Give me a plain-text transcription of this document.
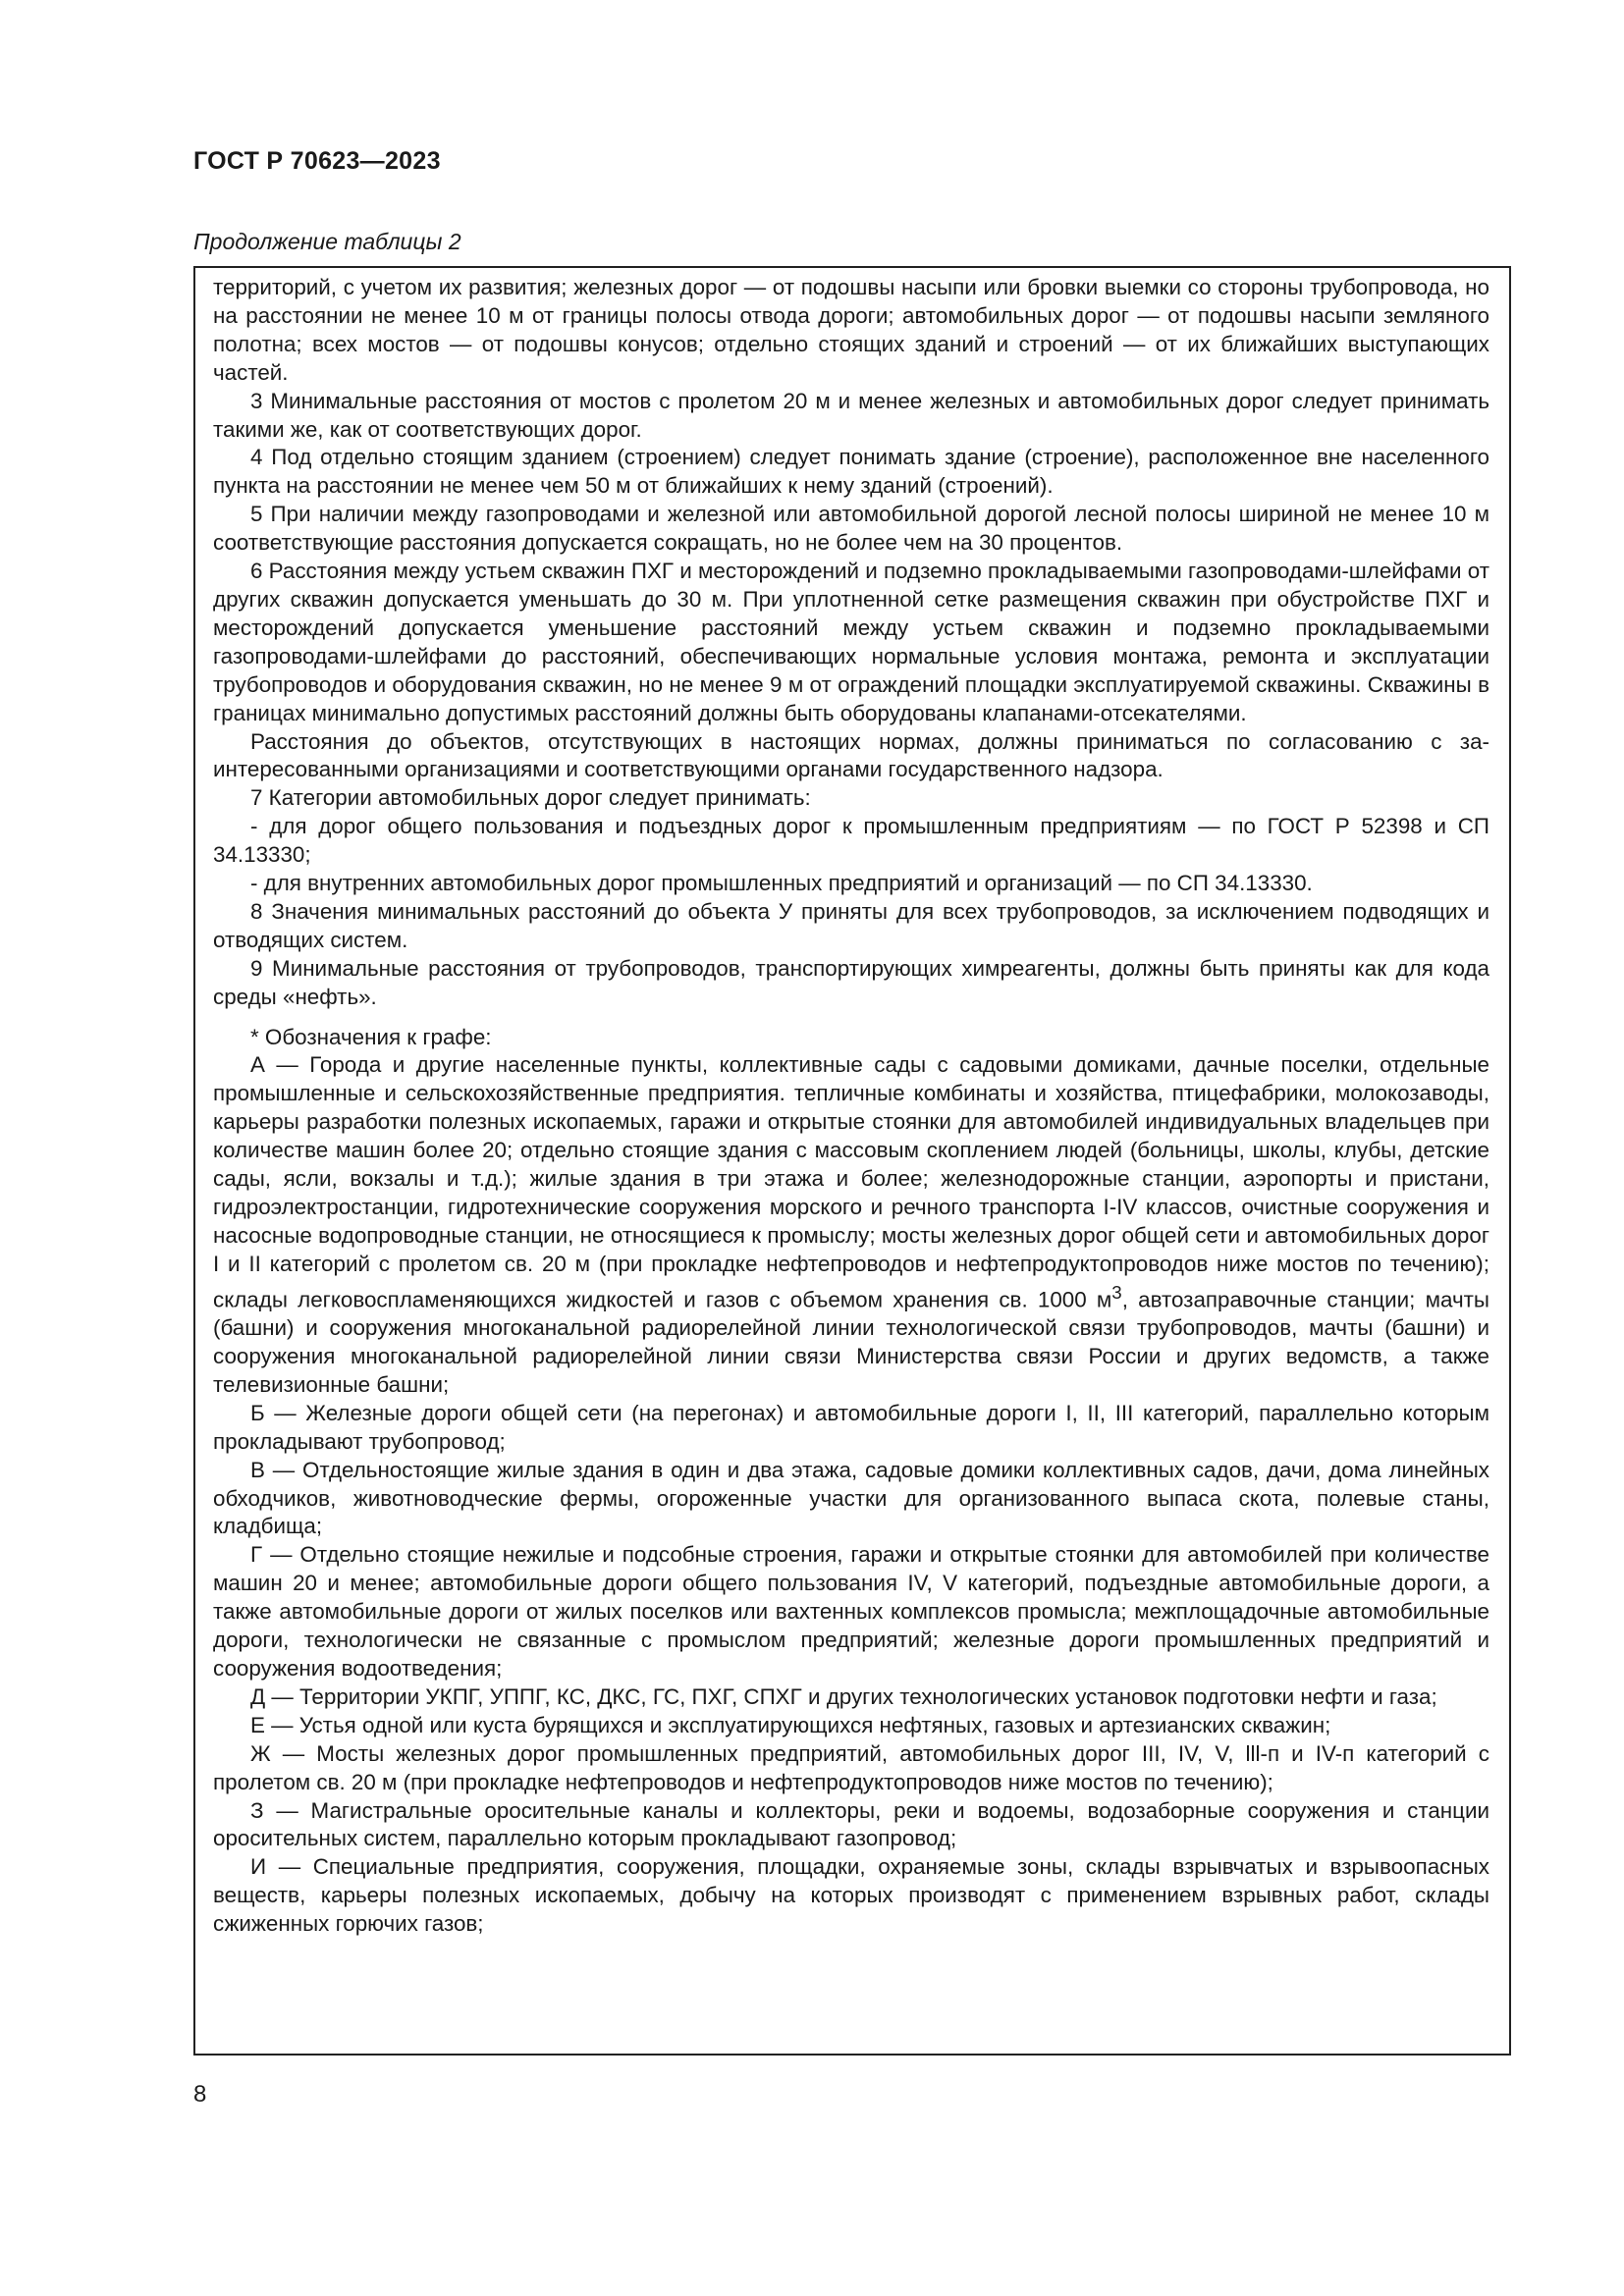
ГОСТ Р 70623—2023
Продолжение таблицы 2

территорий, с учетом их развития; железных дорог — от подошвы насыпи или бровки выемки со стороны трубопровода, но на расстоянии не менее 10 м от границы полосы отвода дороги; автомобильных дорог — от подошвы насыпи земляного полотна; всех мостов — от подошвы конусов; отдельно стоящих зданий и строений — от их ближайших выступающих частей.

3 Минимальные расстояния от мостов с пролетом 20 м и менее железных и автомобильных дорог следует принимать такими же, как от соответствующих дорог.

4 Под отдельно стоящим зданием (строением) следует понимать здание (строение), расположенное вне населенного пункта на расстоянии не менее чем 50 м от ближайших к нему зданий (строений).

5 При наличии между газопроводами и железной или автомобильной дорогой лесной полосы шириной не менее 10 м соответствующие расстояния допускается сокращать, но не более чем на 30 процентов.

6 Расстояния между устьем скважин ПХГ и месторождений и подземно прокладываемыми газопроводами-шлейфами от других скважин допускается уменьшать до 30 м. При уплотненной сетке размещения скважин при обустройстве ПХГ и месторождений допускается уменьшение расстояний между устьем скважин и подземно прокладываемыми газопроводами-шлейфами до расстояний, обеспечивающих нормальные условия монтажа, ремонта и эксплуатации трубопроводов и оборудования скважин, но не менее 9 м от ограждений площадки эксплуатируемой скважины. Скважины в границах минимально допустимых расстояний должны быть оборудованы клапанами-отсекателями.

Расстояния до объектов, отсутствующих в настоящих нормах, должны приниматься по согласованию с заинтересованными организациями и соответствующими органами государственного надзора.

7 Категории автомобильных дорог следует принимать:

- для дорог общего пользования и подъездных дорог к промышленным предприятиям — по ГОСТ Р 52398 и СП 34.13330;

- для внутренних автомобильных дорог промышленных предприятий и организаций — по СП 34.13330.

8 Значения минимальных расстояний до объекта У приняты для всех трубопроводов, за исключением подводящих и отводящих систем.

9 Минимальные расстояния от трубопроводов, транспортирующих химреагенты, должны быть приняты как для кода среды «нефть».

* Обозначения к графе:

А — Города и другие населенные пункты, коллективные сады с садовыми домиками, дачные поселки, отдельные промышленные и сельскохозяйственные предприятия. тепличные комбинаты и хозяйства, птицефабрики, молокозаводы, карьеры разработки полезных ископаемых, гаражи и открытые стоянки для автомобилей индивидуальных владельцев при количестве машин более 20; отдельно стоящие здания с массовым скоплением людей (больницы, школы, клубы, детские сады, ясли, вокзалы и т.д.); жилые здания в три этажа и более; железнодорожные станции, аэропорты и пристани, гидроэлектростанции, гидротехнические сооружения морского и речного транспорта I-IV классов, очистные сооружения и насосные водопроводные станции, не относящиеся к промыслу; мосты железных дорог общей сети и автомобильных дорог I и II категорий с пролетом св. 20 м (при прокладке нефтепроводов и нефтепродуктопроводов ниже мостов по течению); склады легковоспламеняющихся жидкостей и газов с объемом хранения св. 1000 $м^3$, автозаправочные станции; мачты (башни) и сооружения многоканальной радиорелейной линии технологической связи трубопроводов, мачты (башни) и сооружения многоканальной радиорелейной линии связи Министерства связи России и других ведомств, а также телевизионные башни;

Б — Железные дороги общей сети (на перегонах) и автомобильные дороги I, II, III категорий, параллельно которым прокладывают трубопровод;

В — Отдельностоящие жилые здания в один и два этажа, садовые домики коллективных садов, дачи, дома линейных обходчиков, животноводческие фермы, огороженные участки для организованного выпаса скота, полевые станы, кладбища;

Г — Отдельно стоящие нежилые и подсобные строения, гаражи и открытые стоянки для автомобилей при количестве машин 20 и менее; автомобильные дороги общего пользования IV, V категорий, подъездные автомобильные дороги, а также автомобильные дороги от жилых поселков или вахтенных комплексов промысла; межплощадочные автомобильные дороги, технологически не связанные с промыслом предприятий; железные дороги промышленных предприятий и сооружения водоотведения;

Д — Территории УКПГ, УППГ, КС, ДКС, ГС, ПХГ, СПХГ и других технологических установок подготовки нефти и газа;

Е — Устья одной или куста бурящихся и эксплуатирующихся нефтяных, газовых и артезианских скважин;

Ж — Мосты железных дорог промышленных предприятий, автомобильных дорог III, IV, V, lll-п и IV-п категорий с пролетом св. 20 м (при прокладке нефтепроводов и нефтепродуктопроводов ниже мостов по течению);

З — Магистральные оросительные каналы и коллекторы, реки и водоемы, водозаборные сооружения и станции оросительных систем, параллельно которым прокладывают газопровод;

И — Специальные предприятия, сооружения, площадки, охраняемые зоны, склады взрывчатых и взрывоопасных веществ, карьеры полезных ископаемых, добычу на которых производят с применением взрывных работ, склады сжиженных горючих газов;

8
